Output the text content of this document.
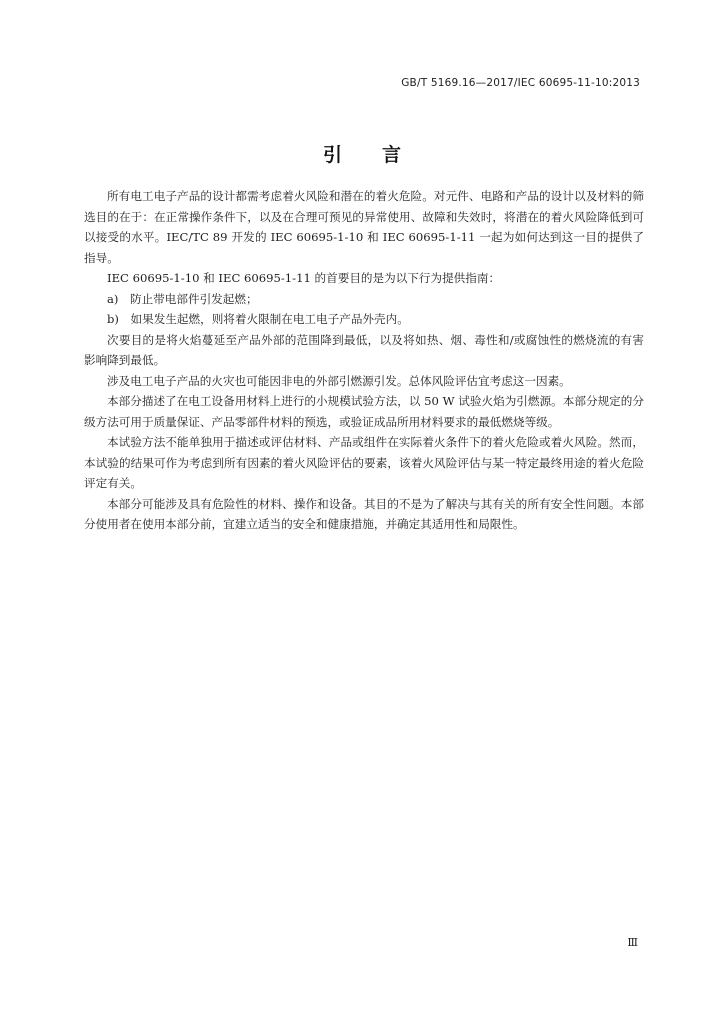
GB/T 5169.16—2017/IEC 60695-11-10:2013
引言

所有电工电子产品的设计都需考虑着火风险和潜在的着火危险。对元件、电路和产品的设计以及材料的筛选目的在于：在正常操作条件下，以及在合理可预见的异常使用、故障和失效时，将潜在的着火风险降低到可以接受的水平。IEC/TC 89 开发的 IEC 60695-1-10 和 IEC 60695-1-11 一起为如何达到这一目的提供了指导。

IEC 60695-1-10 和 IEC 60695-1-11 的首要目的是为以下行为提供指南：

a)　防止带电部件引发起燃；

b)　如果发生起燃，则将着火限制在电工电子产品外壳内。

次要目的是将火焰蔓延至产品外部的范围降到最低，以及将如热、烟、毒性和/或腐蚀性的燃烧流的有害影响降到最低。

涉及电工电子产品的火灾也可能因非电的外部引燃源引发。总体风险评估宜考虑这一因素。

本部分描述了在电工设备用材料上进行的小规模试验方法，以 50 W 试验火焰为引燃源。本部分规定的分级方法可用于质量保证、产品零部件材料的预选，或验证成品所用材料要求的最低燃烧等级。

本试验方法不能单独用于描述或评估材料、产品或组件在实际着火条件下的着火危险或着火风险。然而，本试验的结果可作为考虑到所有因素的着火风险评估的要素，该着火风险评估与某一特定最终用途的着火危险评定有关。

本部分可能涉及具有危险性的材料、操作和设备。其目的不是为了解决与其有关的所有安全性问题。本部分使用者在使用本部分前，宜建立适当的安全和健康措施，并确定其适用性和局限性。

Ⅲ
